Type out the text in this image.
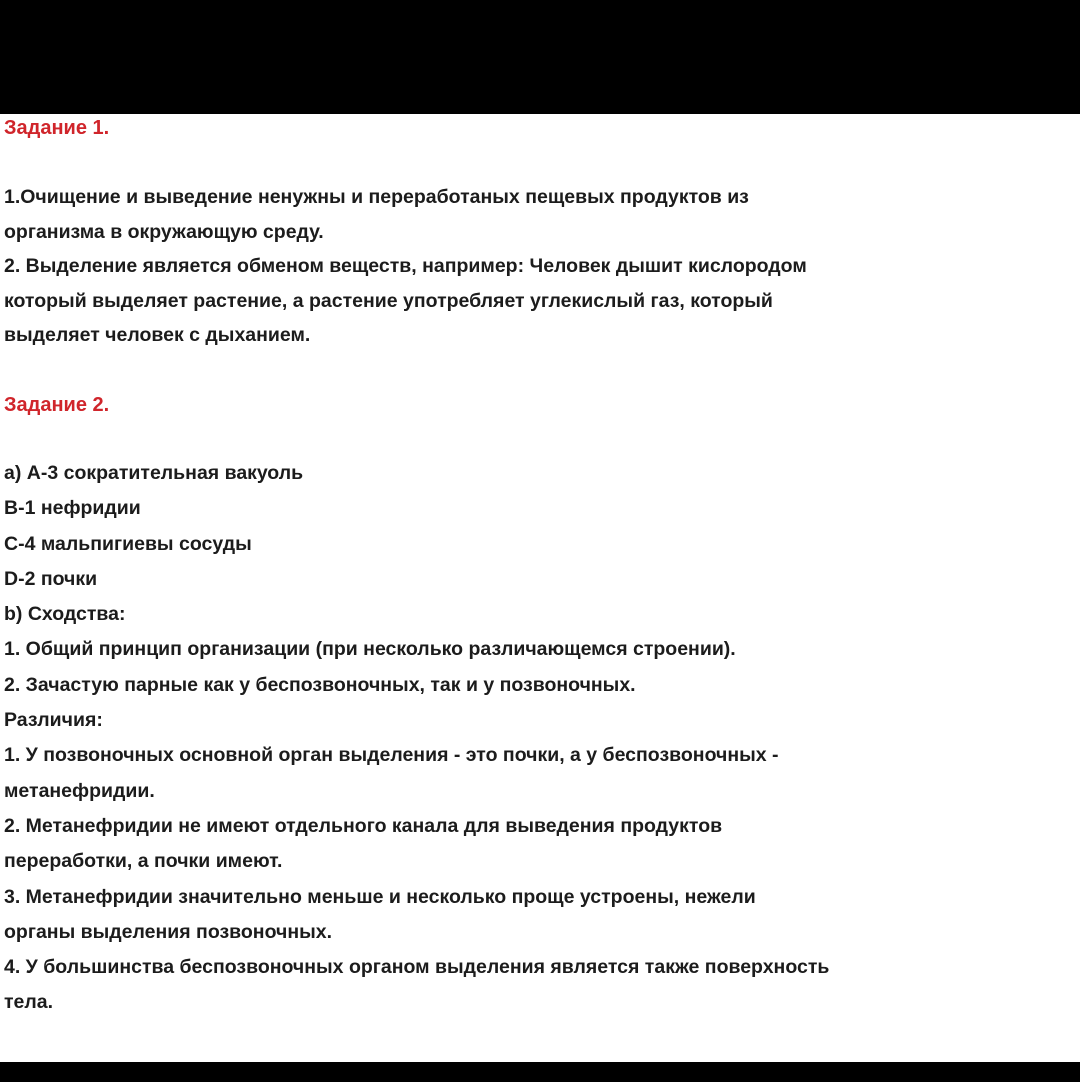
Задание 1.

1.Очищение и выведение ненужны и переработаных пещевых продуктов из

организма в окружающую среду.

2. Выделение является обменом веществ, например: Человек дышит кислородом

который выделяет растение, а растение употребляет углекислый газ, который

выделяет человек с дыханием.

Задание 2.

a) А-3 сократительная вакуоль

В-1 нефридии

С-4 мальпигиевы сосуды

D-2 почки

b) Сходства:

1. Общий принцип организации (при несколько различающемся строении).

2. Зачастую парные как у беспозвоночных, так и у позвоночных.

Различия:

1. У позвоночных основной орган выделения - это почки, а у беспозвоночных -

метанефридии.

2. Метанефридии не имеют отдельного канала для выведения продуктов

переработки, а почки имеют.

3. Метанефридии значительно меньше и несколько проще устроены, нежели

органы выделения позвоночных.

4. У большинства беспозвоночных органом выделения является также поверхность

тела.
